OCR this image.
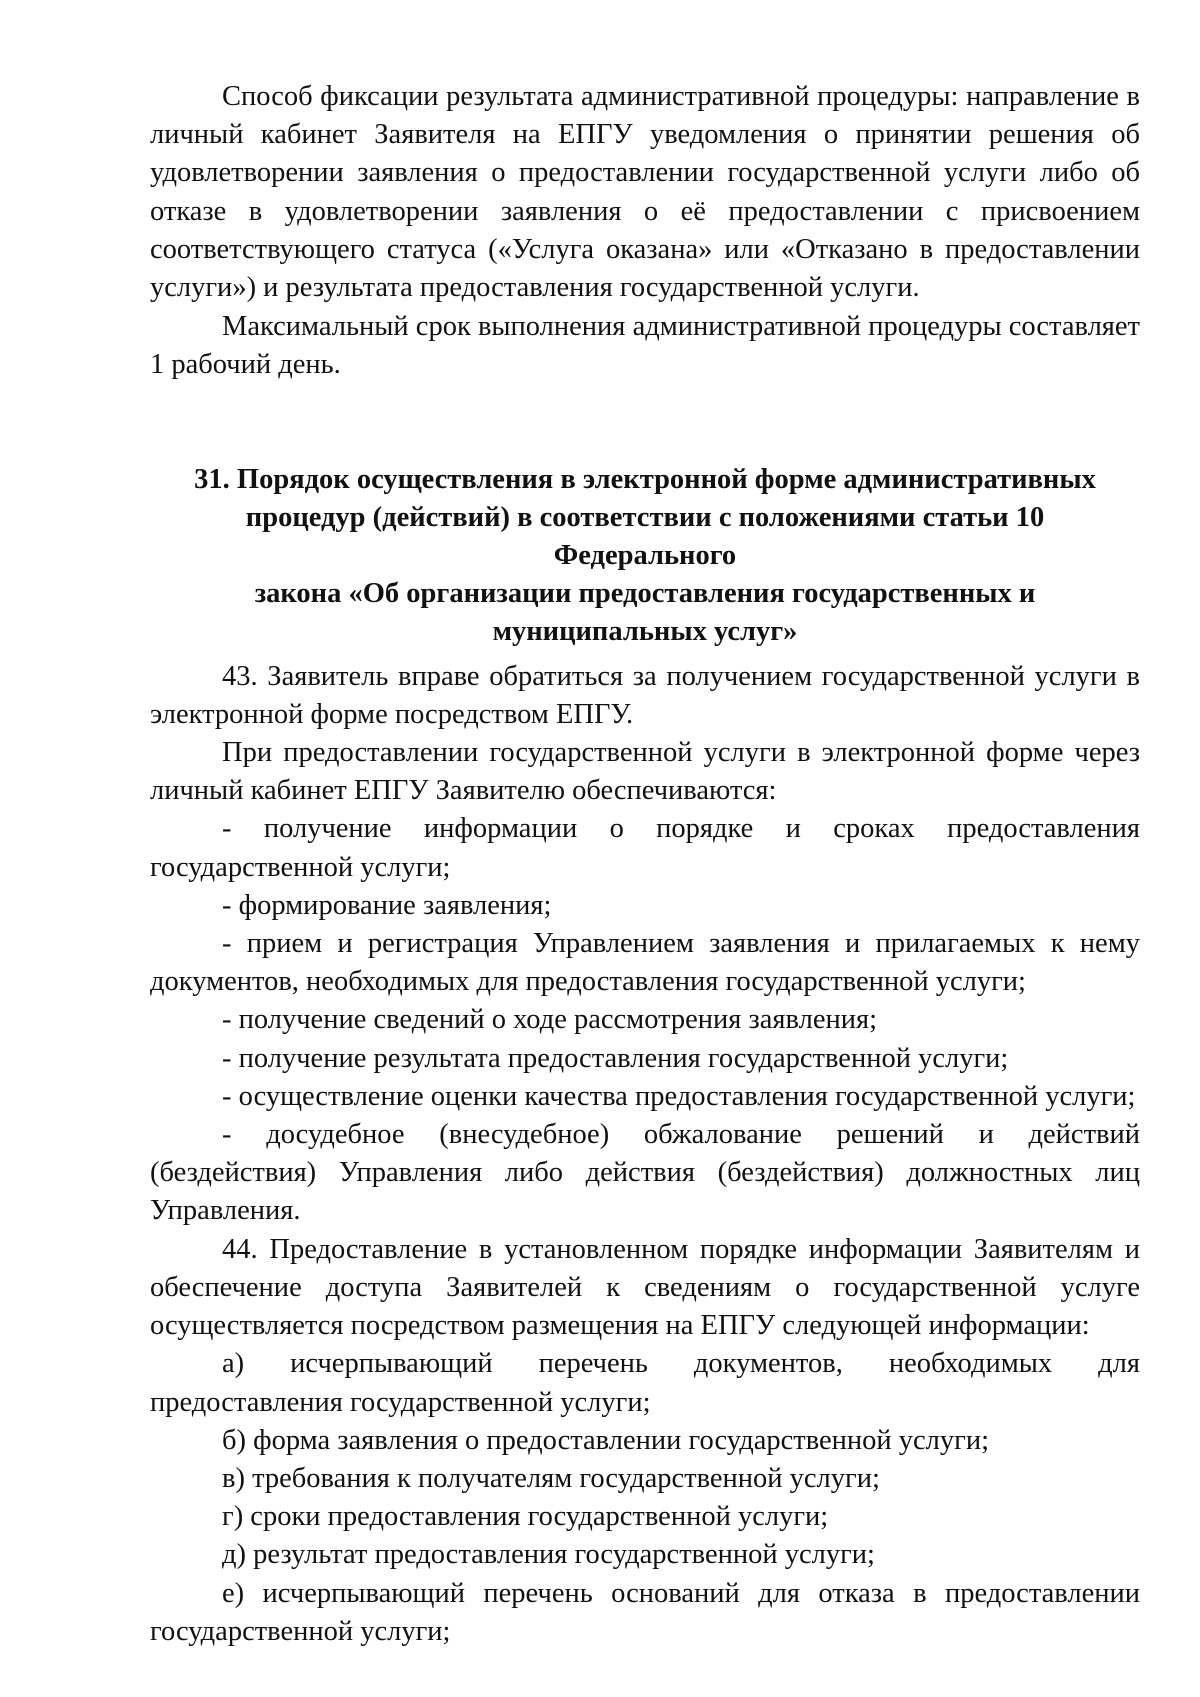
Способ фиксации результата административной процедуры: направление в личный кабинет Заявителя на ЕПГУ уведомления о принятии решения об удовлетворении заявления о предоставлении государственной услуги либо об отказе в удовлетворении заявления о её предоставлении с присвоением соответствующего статуса («Услуга оказана» или «Отказано в предоставлении услуги») и результата предоставления государственной услуги.

Максимальный срок выполнения административной процедуры составляет 1 рабочий день.

31. Порядок осуществления в электронной форме административных
процедур (действий) в соответствии с положениями статьи 10 Федерального
закона «Об организации предоставления государственных и
муниципальных услуг»

43. Заявитель вправе обратиться за получением государственной услуги в электронной форме посредством ЕПГУ.

При предоставлении государственной услуги в электронной форме через личный кабинет ЕПГУ Заявителю обеспечиваются:

- получение информации о порядке и сроках предоставления государственной услуги;

- формирование заявления;

- прием и регистрация Управлением заявления и прилагаемых к нему документов, необходимых для предоставления государственной услуги;

- получение сведений о ходе рассмотрения заявления;

- получение результата предоставления государственной услуги;

- осуществление оценки качества предоставления государственной услуги;

- досудебное (внесудебное) обжалование решений и действий (бездействия) Управления либо действия (бездействия) должностных лиц Управления.

44. Предоставление в установленном порядке информации Заявителям и обеспечение доступа Заявителей к сведениям о государственной услуге осуществляется посредством размещения на ЕПГУ следующей информации:

а) исчерпывающий перечень документов, необходимых для предоставления государственной услуги;

б) форма заявления о предоставлении государственной услуги;

в) требования к получателям государственной услуги;

г) сроки предоставления государственной услуги;

д) результат предоставления государственной услуги;

е) исчерпывающий перечень оснований для отказа в предоставлении государственной услуги;
